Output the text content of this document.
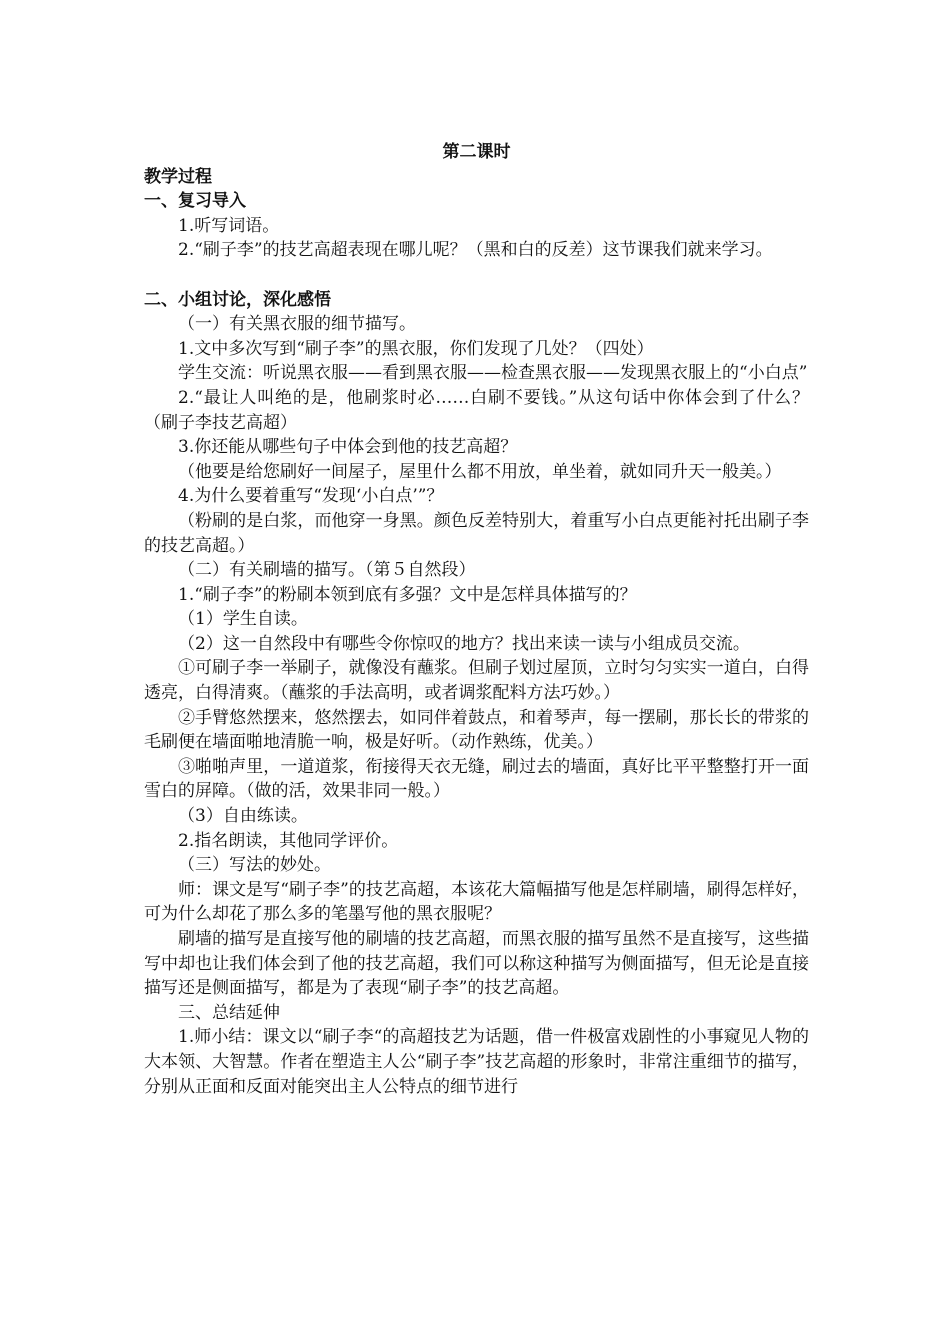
第二课时

教学过程

一、复习导入

1.听写词语。

2.“刷子李”的技艺高超表现在哪儿呢？（黑和白的反差）这节课我们就来学习。

二、小组讨论，深化感悟

（一）有关黑衣服的细节描写。

1.文中多次写到“刷子李”的黑衣服，你们发现了几处？（四处）

学生交流：听说黑衣服——看到黑衣服——检查黑衣服——发现黑衣服上的“小白点”

2.“最让人叫绝的是，他刷浆时必……白刷不要钱。”从这句话中你体会到了什么？（刷子李技艺高超）

3.你还能从哪些句子中体会到他的技艺高超？

（他要是给您刷好一间屋子，屋里什么都不用放，单坐着，就如同升天一般美。）

4.为什么要着重写“发现‘小白点’”？

（粉刷的是白浆，而他穿一身黑。颜色反差特别大，着重写小白点更能衬托出刷子李的技艺高超。）

（二）有关刷墙的描写。（第５自然段）

1.“刷子李”的粉刷本领到底有多强？文中是怎样具体描写的？

（1）学生自读。

（2）这一自然段中有哪些令你惊叹的地方？找出来读一读与小组成员交流。

①可刷子李一举刷子，就像没有蘸浆。但刷子划过屋顶，立时匀匀实实一道白，白得透亮，白得清爽。（蘸浆的手法高明，或者调浆配料方法巧妙。）

②手臂悠然摆来，悠然摆去，如同伴着鼓点，和着琴声，每一摆刷，那长长的带浆的毛刷便在墙面啪地清脆一响，极是好听。（动作熟练，优美。）

③啪啪声里，一道道浆，衔接得天衣无缝，刷过去的墙面，真好比平平整整打开一面雪白的屏障。（做的活，效果非同一般。）

（3）自由练读。

2.指名朗读，其他同学评价。

（三）写法的妙处。

师：课文是写“刷子李”的技艺高超，本该花大篇幅描写他是怎样刷墙，刷得怎样好，可为什么却花了那么多的笔墨写他的黑衣服呢？

刷墙的描写是直接写他的刷墙的技艺高超，而黑衣服的描写虽然不是直接写，这些描写中却也让我们体会到了他的技艺高超，我们可以称这种描写为侧面描写，但无论是直接描写还是侧面描写，都是为了表现“刷子李”的技艺高超。

三、总结延伸

1.师小结：课文以“刷子李“的高超技艺为话题，借一件极富戏剧性的小事窥见人物的大本领、大智慧。作者在塑造主人公“刷子李”技艺高超的形象时，非常注重细节的描写，分别从正面和反面对能突出主人公特点的细节进行
